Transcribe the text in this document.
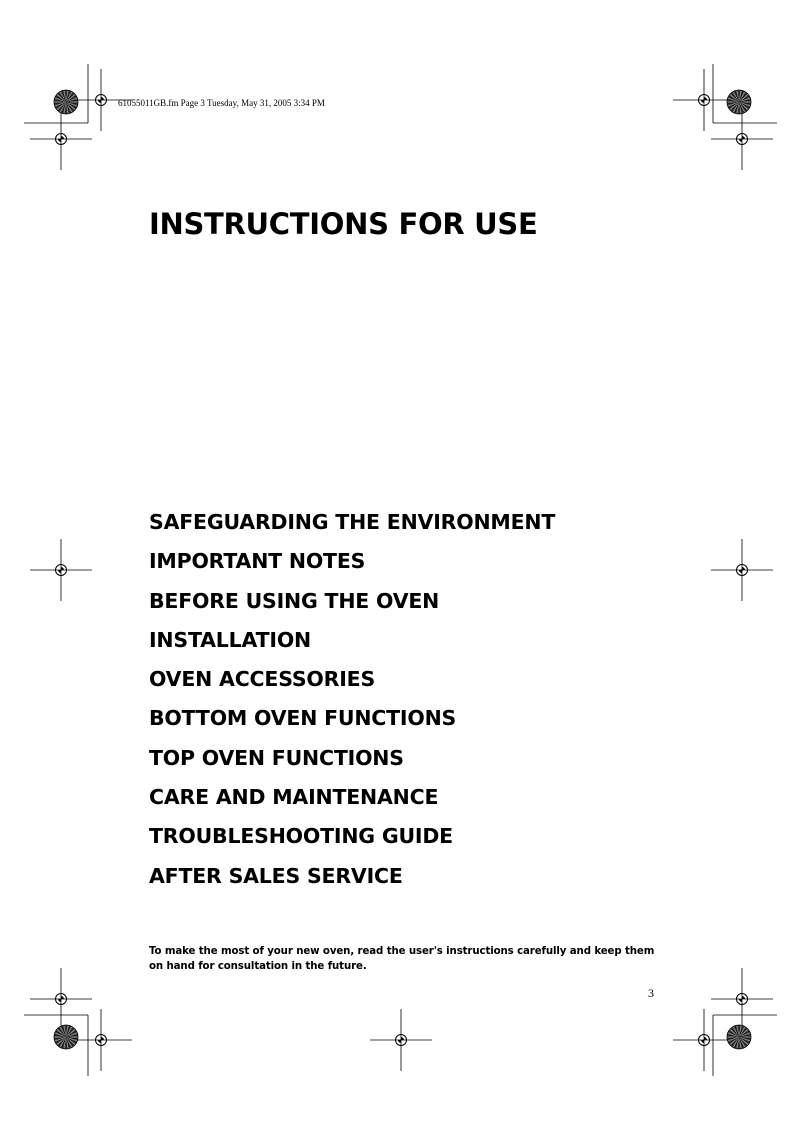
61055011GB.fm Page 3 Tuesday, May 31, 2005 3:34 PM
INSTRUCTIONS FOR USE
SAFEGUARDING THE ENVIRONMENT
IMPORTANT NOTES
BEFORE USING THE OVEN
INSTALLATION
OVEN ACCESSORIES
BOTTOM OVEN FUNCTIONS
TOP OVEN FUNCTIONS
CARE AND MAINTENANCE
TROUBLESHOOTING GUIDE
AFTER SALES SERVICE

To make the most of your new oven, read the user's instructions carefully and keep them on hand for consultation in the future.

3
